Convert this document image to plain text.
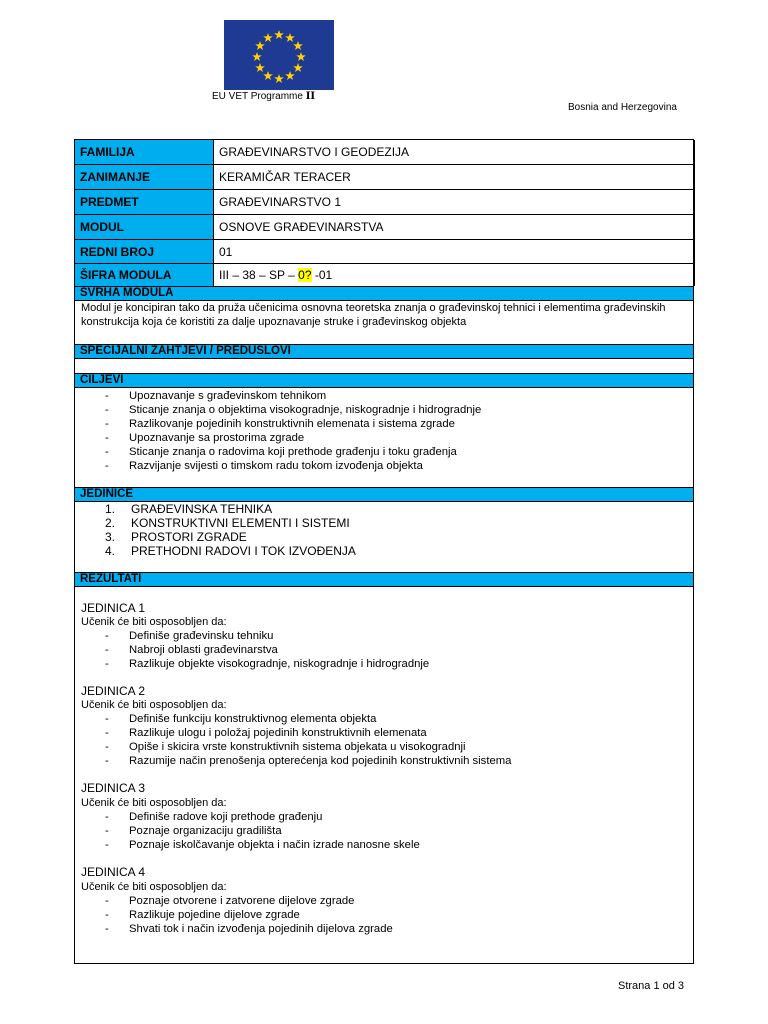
EU VET Programme II
Bosnia and Herzegovina
FAMILIJA	GRAĐEVINARSTVO I GEODEZIJA
ZANIMANJE	KERAMIČAR TERACER
PREDMET	GRAĐEVINARSTVO 1
MODUL	OSNOVE GRAĐEVINARSTVA
REDNI BROJ	01
ŠIFRA MODULA	III – 38 – SP – 0? -01
SVRHA MODULA
Modul je koncipiran tako da pruža učenicima osnovna teoretska znanja o građevinskoj tehnici i elementima građevinskih konstrukcija koja će koristiti za dalje upoznavanje struke i građevinskog objekta
SPECIJALNI ZAHTJEVI / PREDUSLOVI
CILJEVI
- Upoznavanje s građevinskom tehnikom
- Sticanje znanja o objektima visokogradnje, niskogradnje i hidrogradnje
- Razlikovanje pojedinih konstruktivnih elemenata i sistema zgrade
- Upoznavanje sa prostorima zgrade
- Sticanje znanja o radovima koji prethode građenju i toku građenja
- Razvijanje svijesti o timskom radu tokom izvođenja objekta
JEDINICE
1. GRAĐEVINSKA TEHNIKA
2. KONSTRUKTIVNI ELEMENTI I SISTEMI
3. PROSTORI ZGRADE
4. PRETHODNI RADOVI I TOK IZVOĐENJA
REZULTATI
JEDINICA 1
Učenik će biti osposobljen da:
- Definiše građevinsku tehniku
- Nabroji oblasti građevinarstva
- Razlikuje objekte visokogradnje, niskogradnje i hidrogradnje
JEDINICA 2
Učenik će biti osposobljen da:
- Definiše funkciju konstruktivnog elementa objekta
- Razlikuje ulogu i položaj pojedinih konstruktivnih elemenata
- Opiše i skicira vrste konstruktivnih sistema objekata u visokogradnji
- Razumije način prenošenja opterećenja kod pojedinih konstruktivnih sistema
JEDINICA 3
Učenik će biti osposobljen da:
- Definiše radove koji prethode građenju
- Poznaje organizaciju gradilišta
- Poznaje iskolčavanje objekta i način izrade nanosne skele
JEDINICA 4
Učenik će biti osposobljen da:
- Poznaje otvorene i zatvorene dijelove zgrade
- Razlikuje pojedine dijelove zgrade
- Shvati tok i način izvođenja pojedinih dijelova zgrade
Strana 1 od 3
